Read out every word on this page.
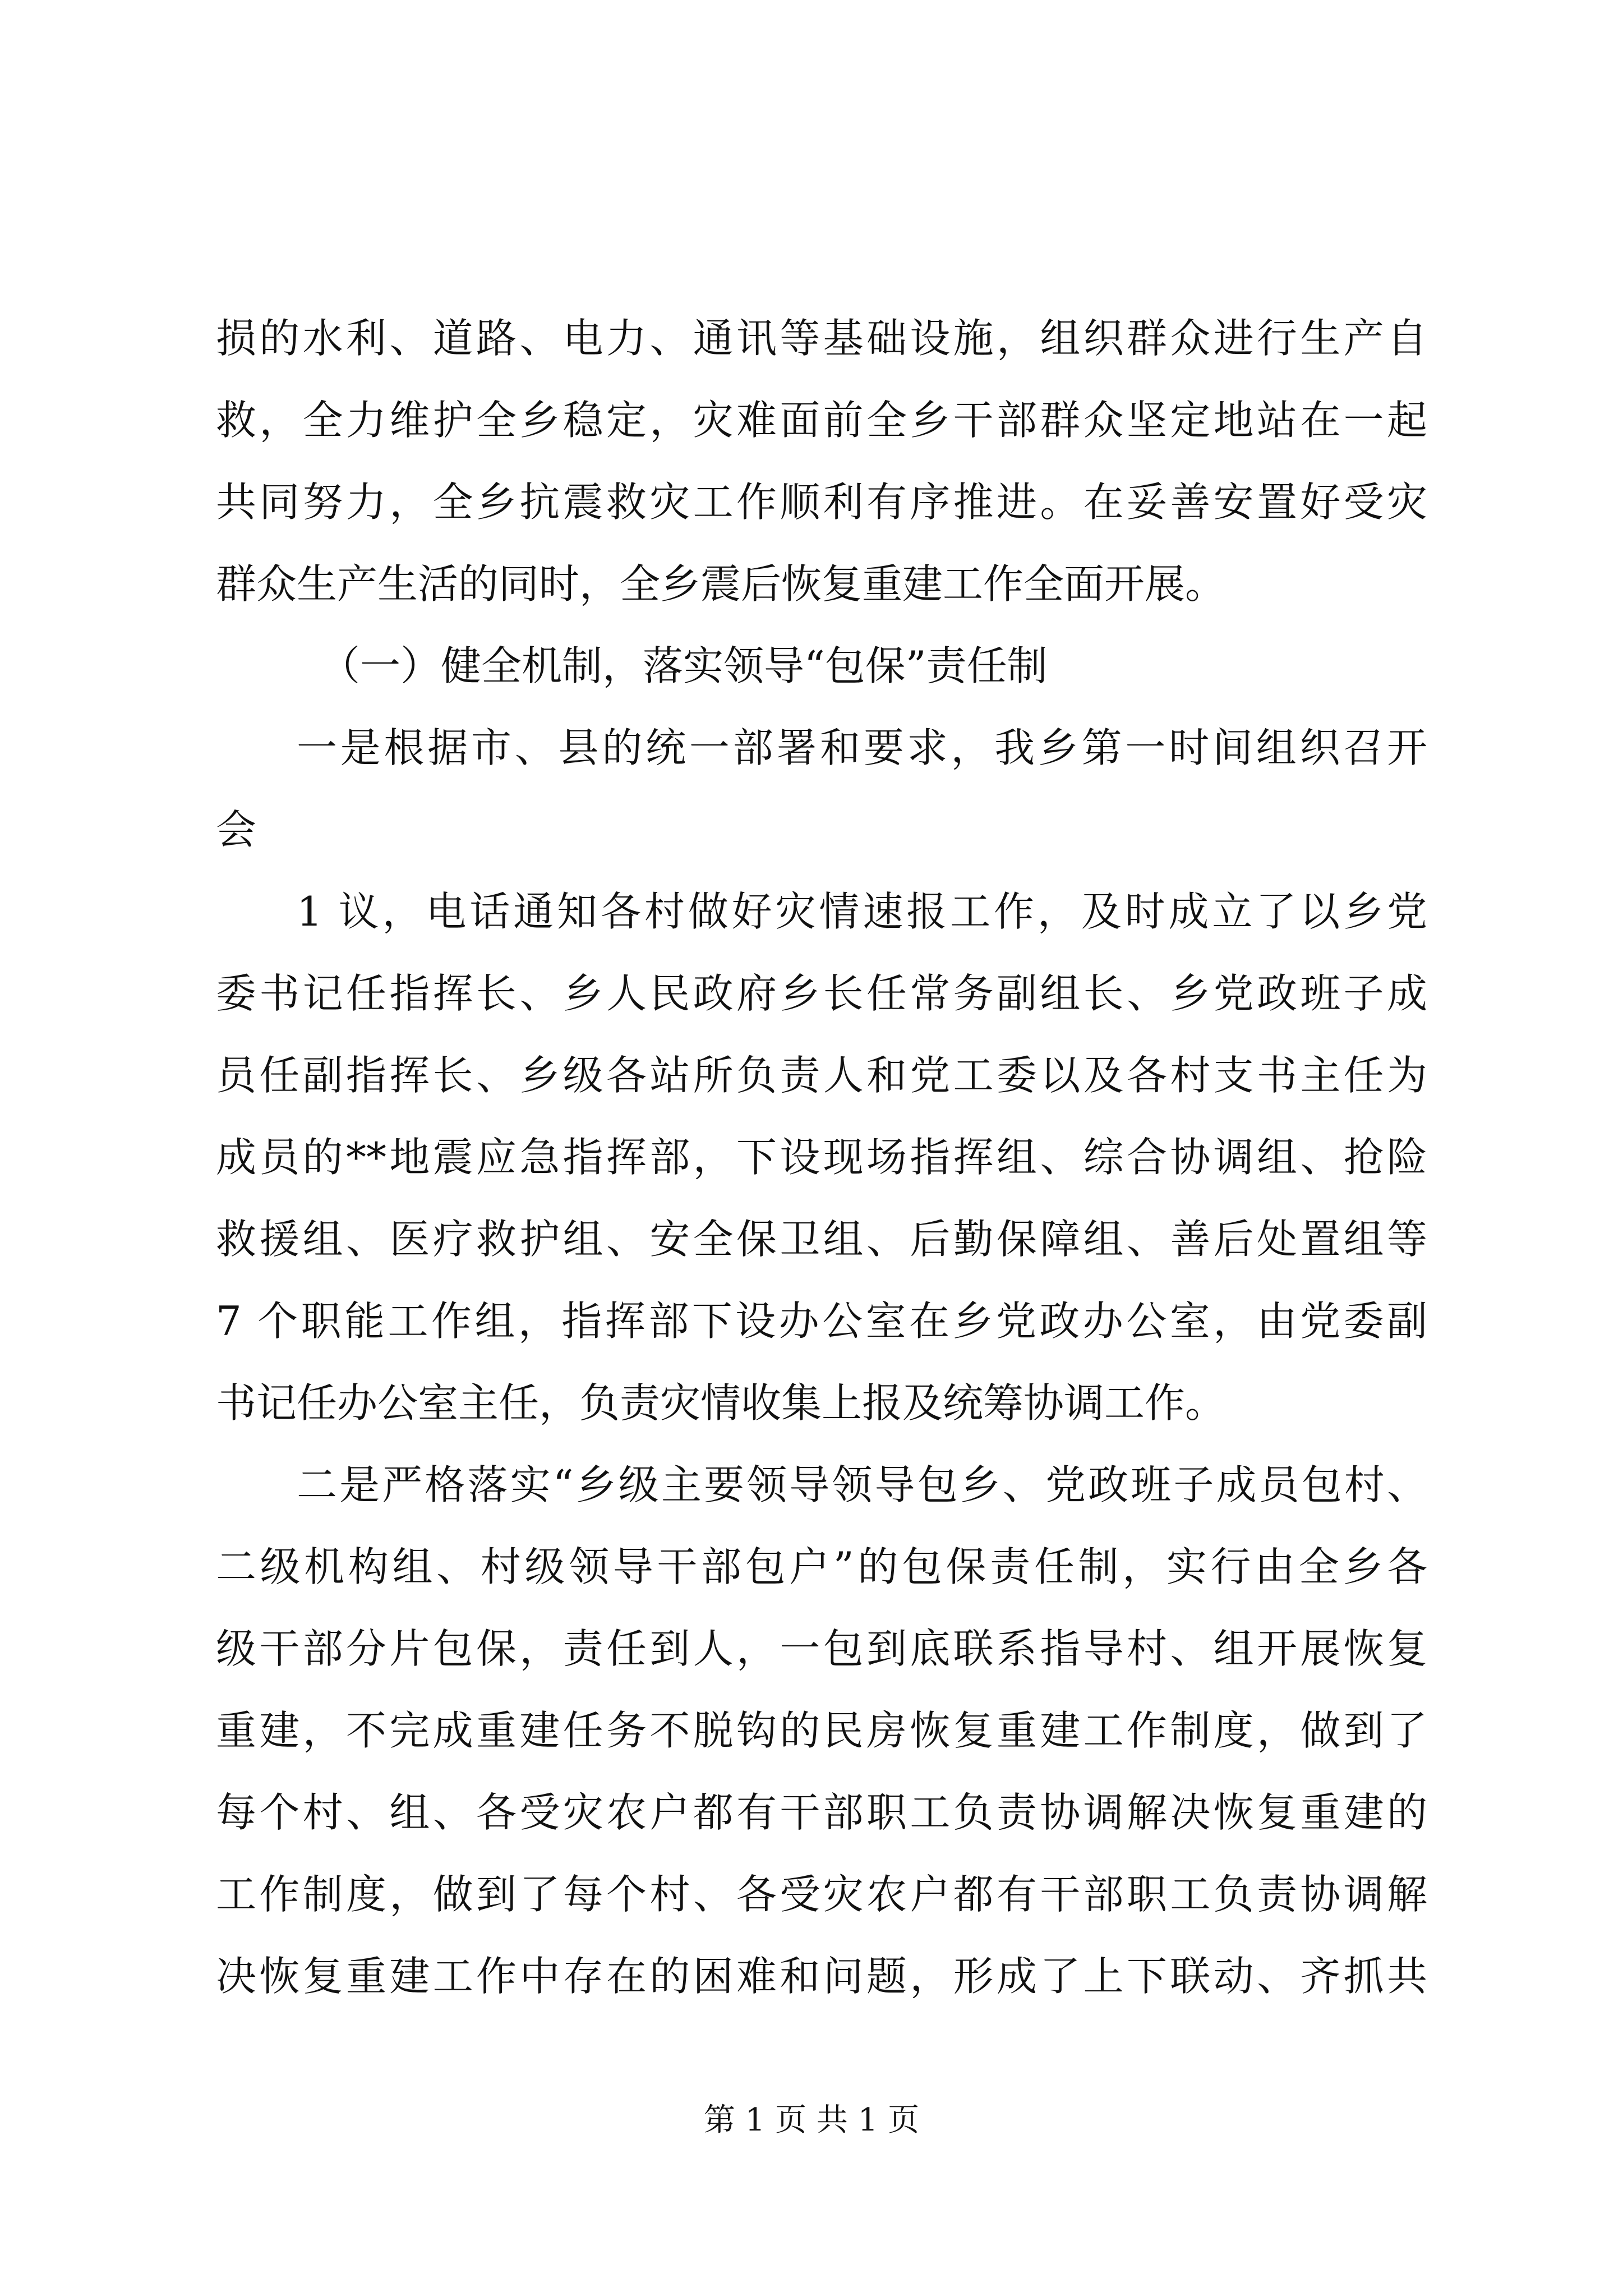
损的水利、道路、电力、通讯等基础设施，组织群众进行生产自
救，全力维护全乡稳定，灾难面前全乡干部群众坚定地站在一起
共同努力，全乡抗震救灾工作顺利有序推进。在妥善安置好受灾
群众生产生活的同时，全乡震后恢复重建工作全面开展。
（一）健全机制，落实领导“包保”责任制
一是根据市、县的统一部署和要求，我乡第一时间组织召开
会
1 议，电话通知各村做好灾情速报工作，及时成立了以乡党
委书记任指挥长、乡人民政府乡长任常务副组长、乡党政班子成
员任副指挥长、乡级各站所负责人和党工委以及各村支书主任为
成员的**地震应急指挥部，下设现场指挥组、综合协调组、抢险
救援组、医疗救护组、安全保卫组、后勤保障组、善后处置组等
7 个职能工作组，指挥部下设办公室在乡党政办公室，由党委副
书记任办公室主任，负责灾情收集上报及统筹协调工作。
二是严格落实“乡级主要领导领导包乡、党政班子成员包村、
二级机构组、村级领导干部包户”的包保责任制，实行由全乡各
级干部分片包保，责任到人，一包到底联系指导村、组开展恢复
重建，不完成重建任务不脱钩的民房恢复重建工作制度，做到了
每个村、组、各受灾农户都有干部职工负责协调解决恢复重建的
工作制度，做到了每个村、各受灾农户都有干部职工负责协调解
决恢复重建工作中存在的困难和问题，形成了上下联动、齐抓共
第 1 页 共 1 页
